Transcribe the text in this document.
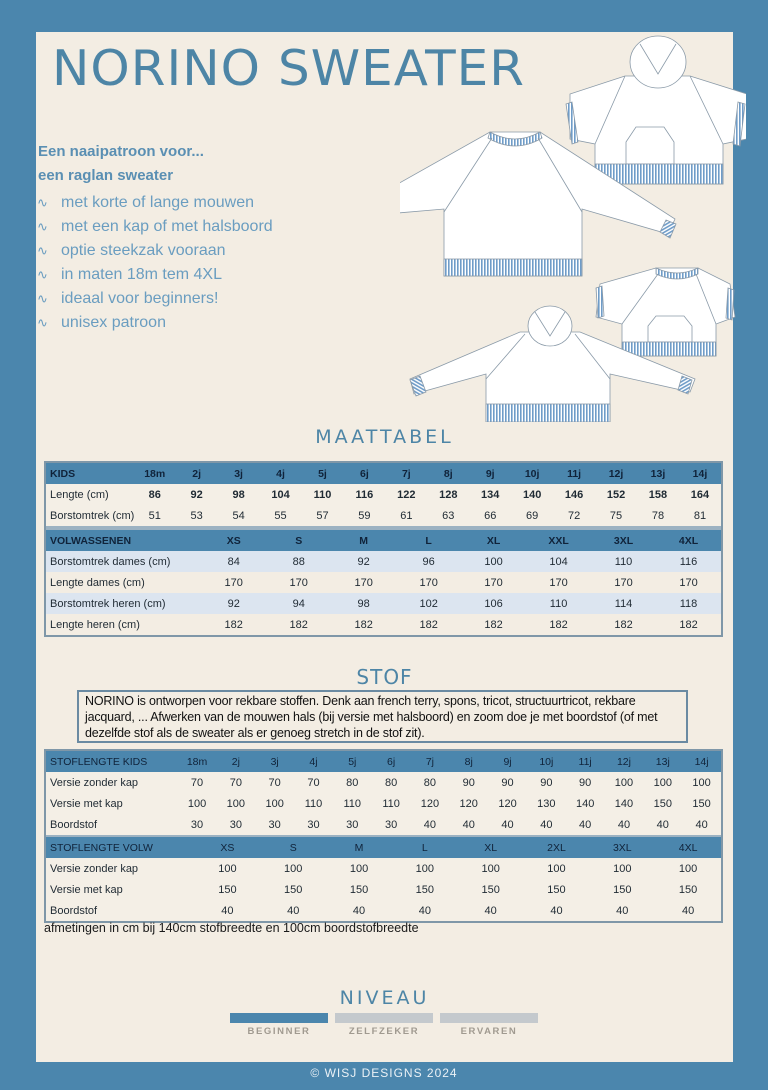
NORINO SWEATER
Een naaipatroon voor...
een raglan sweater
∿ met korte of lange mouwen
∿ met een kap of met halsboord
∿ optie steekzak vooraan
∿ in maten 18m tem 4XL
∿ ideaal voor beginners!
∿ unisex patroon
MAATTABEL
KIDS	18m	2j	3j	4j	5j	6j	7j	8j	9j	10j	11j	12j	13j	14j
Lengte (cm)	86	92	98	104	110	116	122	128	134	140	146	152	158	164
Borstomtrek (cm)	51	53	54	55	57	59	61	63	66	69	72	75	78	81
VOLWASSENEN	XS	S	M	L	XL	XXL	3XL	4XL
Borstomtrek dames (cm)	84	88	92	96	100	104	110	116
Lengte dames (cm)	170	170	170	170	170	170	170	170
Borstomtrek heren (cm)	92	94	98	102	106	110	114	118
Lengte heren (cm)	182	182	182	182	182	182	182	182
STOF
NORINO is ontworpen voor rekbare stoffen. Denk aan french terry, spons, tricot, structuurtricot, rekbare jacquard, ... Afwerken van de mouwen hals (bij versie met halsboord) en zoom doe je met boordstof (of met dezelfde stof als de sweater als er genoeg stretch in de stof zit).
STOFLENGTE KIDS	18m	2j	3j	4j	5j	6j	7j	8j	9j	10j	11j	12j	13j	14j
Versie zonder kap	70	70	70	70	80	80	80	90	90	90	90	100	100	100
Versie met kap	100	100	100	110	110	110	120	120	120	130	140	140	150	150
Boordstof	30	30	30	30	30	30	40	40	40	40	40	40	40	40
STOFLENGTE VOLW	XS	S	M	L	XL	2XL	3XL	4XL
Versie zonder kap	100	100	100	100	100	100	100	100
Versie met kap	150	150	150	150	150	150	150	150
Boordstof	40	40	40	40	40	40	40	40
afmetingen in cm bij 140cm stofbreedte en 100cm boordstofbreedte
NIVEAU
BEGINNER	ZELFZEKER	ERVAREN
© WISJ DESIGNS 2024
